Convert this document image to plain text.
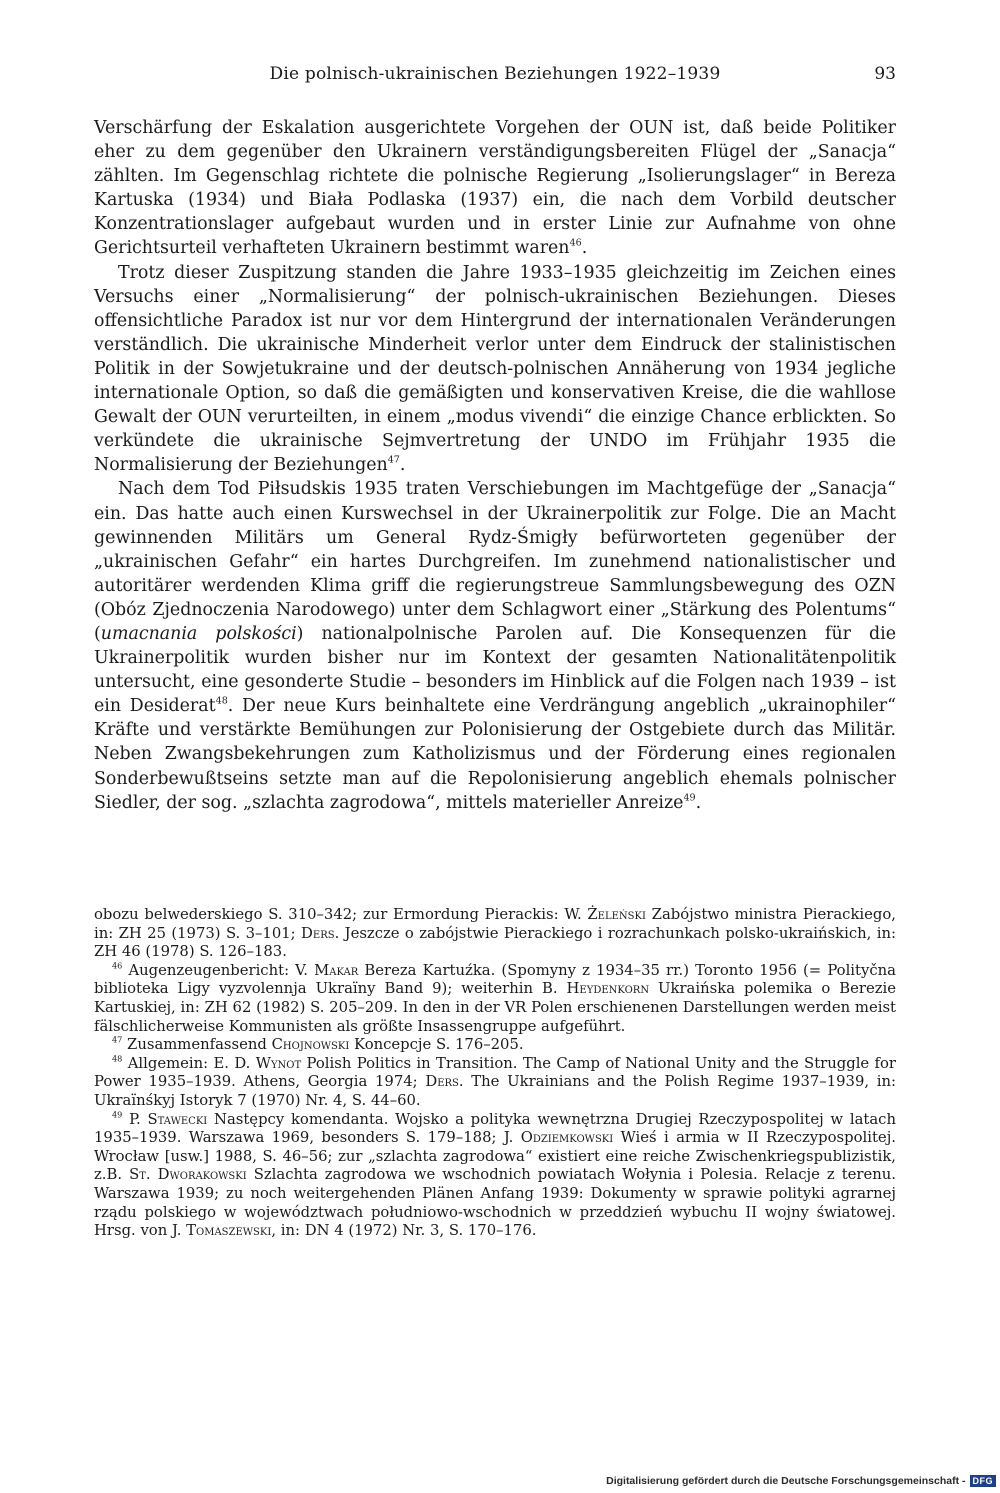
Die polnisch-ukrainischen Beziehungen 1922–1939	93

Verschärfung der Eskalation ausgerichtete Vorgehen der OUN ist, daß beide Politiker eher zu dem gegenüber den Ukrainern verständigungsbereiten Flügel der „Sanacja“ zählten. Im Gegenschlag richtete die polnische Regierung „Isolierungslager“ in Bereza Kartuska (1934) und Biała Podlaska (1937) ein, die nach dem Vorbild deutscher Konzentrationslager aufgebaut wurden und in erster Linie zur Aufnahme von ohne Gerichtsurteil verhafteten Ukrainern bestimmt waren$^{46}$.

Trotz dieser Zuspitzung standen die Jahre 1933–1935 gleichzeitig im Zeichen eines Versuchs einer „Normalisierung“ der polnisch-ukrainischen Beziehungen. Dieses offensichtliche Paradox ist nur vor dem Hintergrund der internationalen Veränderungen verständlich. Die ukrainische Minderheit verlor unter dem Eindruck der stalinistischen Politik in der Sowjetukraine und der deutsch-polnischen Annäherung von 1934 jegliche internationale Option, so daß die gemäßigten und konservativen Kreise, die die wahllose Gewalt der OUN verurteilten, in einem „modus vivendi“ die einzige Chance erblickten. So verkündete die ukrainische Sejmvertretung der UNDO im Frühjahr 1935 die Normalisierung der Beziehungen$^{47}$.

Nach dem Tod Piłsudskis 1935 traten Verschiebungen im Machtgefüge der „Sanacja“ ein. Das hatte auch einen Kurswechsel in der Ukrainerpolitik zur Folge. Die an Macht gewinnenden Militärs um General Rydz-Śmigły befürworteten gegenüber der „ukrainischen Gefahr“ ein hartes Durchgreifen. Im zunehmend nationalistischer und autoritärer werdenden Klima griff die regierungstreue Sammlungsbewegung des OZN (Obóz Zjednoczenia Narodowego) unter dem Schlagwort einer „Stärkung des Polentums“ (umacnania polskości) nationalpolnische Parolen auf. Die Konsequenzen für die Ukrainerpolitik wurden bisher nur im Kontext der gesamten Nationalitätenpolitik untersucht, eine gesonderte Studie – besonders im Hinblick auf die Folgen nach 1939 – ist ein Desiderat$^{48}$. Der neue Kurs beinhaltete eine Verdrängung angeblich „ukrainophiler“ Kräfte und verstärkte Bemühungen zur Polonisierung der Ostgebiete durch das Militär. Neben Zwangsbekehrungen zum Katholizismus und der Förderung eines regionalen Sonderbewußtseins setzte man auf die Repolonisierung angeblich ehemals polnischer Siedler, der sog. „szlachta zagrodowa“, mittels materieller Anreize$^{49}$.

obozu belwederskiego S. 310–342; zur Ermordung Pierackis: W. Żeleński Zabójstwo ministra Pierackiego, in: ZH 25 (1973) S. 3–101; Ders. Jeszcze o zabójstwie Pierackiego i rozrachunkach polsko-ukraińskich, in: ZH 46 (1978) S. 126–183.

$^{46}$ Augenzeugenbericht: V. Makar Bereza Kartuźka. (Spomyny z 1934–35 rr.) Toronto 1956 (= Polityčna biblioteka Ligy vyzvolennja Ukraïny Band 9); weiterhin B. Heydenkorn Ukraińska polemika o Berezie Kartuskiej, in: ZH 62 (1982) S. 205–209. In den in der VR Polen erschienenen Darstellungen werden meist fälschlicherweise Kommunisten als größte Insassengruppe aufgeführt.

$^{47}$ Zusammenfassend Chojnowski Koncepcje S. 176–205.

$^{48}$ Allgemein: E. D. Wynot Polish Politics in Transition. The Camp of National Unity and the Struggle for Power 1935–1939. Athens, Georgia 1974; Ders. The Ukrainians and the Polish Regime 1937–1939, in: Ukraïnśkyj Istoryk 7 (1970) Nr. 4, S. 44–60.

$^{49}$ P. Stawecki Następcy komendanta. Wojsko a polityka wewnętrzna Drugiej Rzeczypospolitej w latach 1935–1939. Warszawa 1969, besonders S. 179–188; J. Odziemkowski Wieś i armia w II Rzeczypospolitej. Wrocław [usw.] 1988, S. 46–56; zur „szlachta zagrodowa“ existiert eine reiche Zwischenkriegspublizistik, z.B. St. Dworakowski Szlachta zagrodowa we wschodnich powiatach Wołynia i Polesia. Relacje z terenu. Warszawa 1939; zu noch weitergehenden Plänen Anfang 1939: Dokumenty w sprawie polityki agrarnej rządu polskiego w województwach południowo-wschodnich w przeddzień wybuchu II wojny światowej. Hrsg. von J. Tomaszewski, in: DN 4 (1972) Nr. 3, S. 170–176.

Digitalisierung gefördert durch die Deutsche Forschungsgemeinschaft - DFG
